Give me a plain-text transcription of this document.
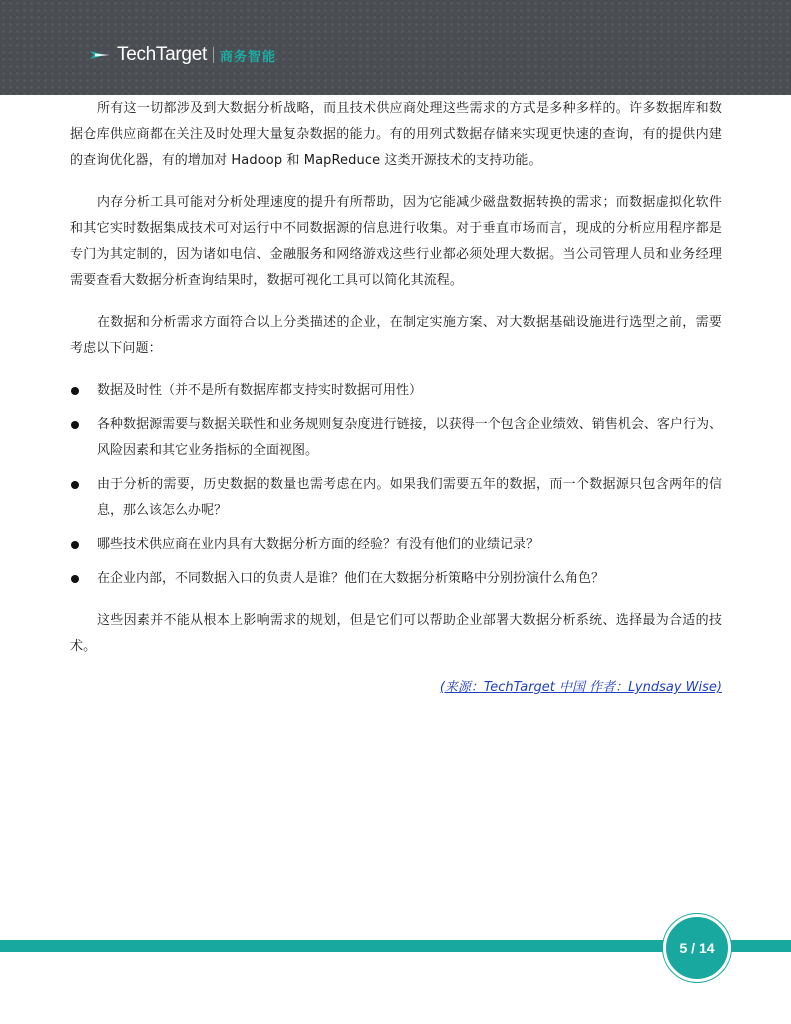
TechTarget 商务智能

所有这一切都涉及到大数据分析战略，而且技术供应商处理这些需求的方式是多种多样的。许多数据库和数据仓库供应商都在关注及时处理大量复杂数据的能力。有的用列式数据存储来实现更快速的查询，有的提供内建的查询优化器，有的增加对 Hadoop 和 MapReduce 这类开源技术的支持功能。

内存分析工具可能对分析处理速度的提升有所帮助，因为它能减少磁盘数据转换的需求；而数据虚拟化软件和其它实时数据集成技术可对运行中不同数据源的信息进行收集。对于垂直市场而言，现成的分析应用程序都是专门为其定制的，因为诸如电信、金融服务和网络游戏这些行业都必须处理大数据。当公司管理人员和业务经理需要查看大数据分析查询结果时，数据可视化工具可以简化其流程。

在数据和分析需求方面符合以上分类描述的企业，在制定实施方案、对大数据基础设施进行选型之前，需要考虑以下问题：

数据及时性（并不是所有数据库都支持实时数据可用性）
各种数据源需要与数据关联性和业务规则复杂度进行链接，以获得一个包含企业绩效、销售机会、客户行为、风险因素和其它业务指标的全面视图。
由于分析的需要，历史数据的数量也需考虑在内。如果我们需要五年的数据，而一个数据源只包含两年的信息，那么该怎么办呢？
哪些技术供应商在业内具有大数据分析方面的经验？有没有他们的业绩记录？
在企业内部，不同数据入口的负责人是谁？他们在大数据分析策略中分别扮演什么角色？

这些因素并不能从根本上影响需求的规划，但是它们可以帮助企业部署大数据分析系统、选择最为合适的技术。

(来源：TechTarget 中国 作者：Lyndsay Wise)
5 / 14
